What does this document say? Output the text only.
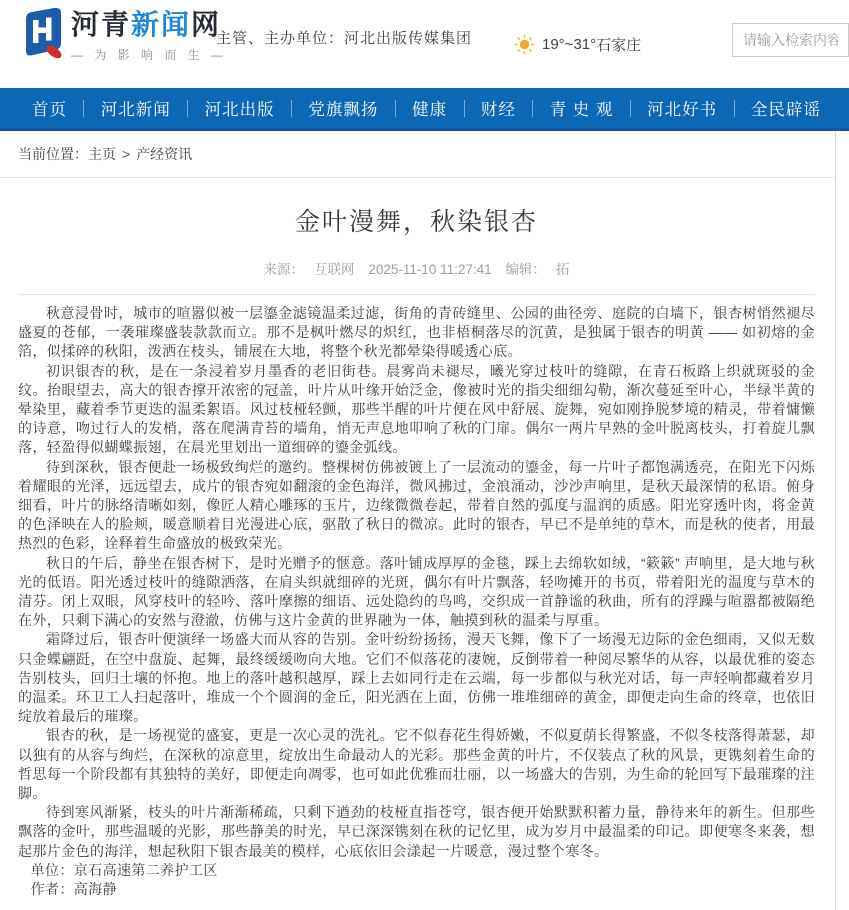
河青新闻网
— 为 影 响 而 生 —
主管、主办单位：河北出版传媒集团	19°~31° 石家庄
请输入检索内容
首页	河北新闻	河北出版	党旗飘扬	健康	财经	青 史 观	河北好书	全民辟谣
当前位置： 主页 > 产经资讯
金叶漫舞，秋染银杏
来源： 互联网 2025-11-10 11:27:41 编辑： 拓

秋意浸骨时，城市的喧嚣似被一层鎏金滤镜温柔过滤，街角的青砖缝里、公园的曲径旁、庭院的白墙下，银杏树悄然褪尽盛夏的苍郁，一袭璀璨盛装款款而立。那不是枫叶燃尽的炽红，也非梧桐落尽的沉黄，是独属于银杏的明黄 —— 如初熔的金箔，似揉碎的秋阳，泼洒在枝头，铺展在大地，将整个秋光都晕染得暖透心底。

初识银杏的秋，是在一条浸着岁月墨香的老旧街巷。晨雾尚未褪尽，曦光穿过枝叶的缝隙，在青石板路上织就斑驳的金纹。抬眼望去，高大的银杏撑开浓密的冠盖，叶片从叶缘开始泛金，像被时光的指尖细细勾勒，渐次蔓延至叶心，半绿半黄的晕染里，藏着季节更迭的温柔絮语。风过枝桠轻颤，那些半醒的叶片便在风中舒展、旋舞，宛如刚挣脱梦境的精灵，带着慵懒的诗意，吻过行人的发梢，落在爬满青苔的墙角，悄无声息地叩响了秋的门扉。偶尔一两片早熟的金叶脱离枝头，打着旋儿飘落，轻盈得似蝴蝶振翅，在晨光里划出一道细碎的鎏金弧线。

待到深秋，银杏便赴一场极致绚烂的邀约。整棵树仿佛被镀上了一层流动的鎏金，每一片叶子都饱满透亮，在阳光下闪烁着耀眼的光泽，远远望去，成片的银杏宛如翻滚的金色海洋，微风拂过，金浪涌动，沙沙声响里，是秋天最深情的私语。俯身细看，叶片的脉络清晰如刻，像匠人精心雕琢的玉片，边缘微微卷起，带着自然的弧度与温润的质感。阳光穿透叶肉，将金黄的色泽映在人的脸颊，暖意顺着目光漫进心底，驱散了秋日的微凉。此时的银杏，早已不是单纯的草木，而是秋的使者，用最热烈的色彩，诠释着生命盛放的极致荣光。

秋日的午后，静坐在银杏树下，是时光赠予的惬意。落叶铺成厚厚的金毯，踩上去绵软如绒，“簌簌” 声响里，是大地与秋光的低语。阳光透过枝叶的缝隙洒落，在肩头织就细碎的光斑，偶尔有叶片飘落，轻吻摊开的书页，带着阳光的温度与草木的清芬。闭上双眼，风穿枝叶的轻吟、落叶摩擦的细语、远处隐约的鸟鸣，交织成一首静谧的秋曲，所有的浮躁与喧嚣都被隔绝在外，只剩下满心的安然与澄澈，仿佛与这片金黄的世界融为一体，触摸到秋的温柔与厚重。

霜降过后，银杏叶便演绎一场盛大而从容的告别。金叶纷纷扬扬，漫天飞舞，像下了一场漫无边际的金色细雨，又似无数只金蝶翩跹，在空中盘旋、起舞，最终缓缓吻向大地。它们不似落花的凄婉，反倒带着一种阅尽繁华的从容，以最优雅的姿态告别枝头，回归土壤的怀抱。地上的落叶越积越厚，踩上去如同行走在云端，每一步都似与秋光对话，每一声轻响都藏着岁月的温柔。环卫工人扫起落叶，堆成一个个圆润的金丘，阳光洒在上面，仿佛一堆堆细碎的黄金，即便走向生命的终章，也依旧绽放着最后的璀璨。

银杏的秋，是一场视觉的盛宴，更是一次心灵的洗礼。它不似春花生得娇嫩，不似夏荫长得繁盛，不似冬枝落得萧瑟，却以独有的从容与绚烂，在深秋的凉意里，绽放出生命最动人的光彩。那些金黄的叶片，不仅装点了秋的风景，更镌刻着生命的哲思每一个阶段都有其独特的美好，即便走向凋零，也可如此优雅而壮丽，以一场盛大的告别，为生命的轮回写下最璀璨的注脚。

待到寒风渐紧，枝头的叶片渐渐稀疏，只剩下遒劲的枝桠直指苍穹，银杏便开始默默积蓄力量，静待来年的新生。但那些飘落的金叶，那些温暖的光影，那些静美的时光，早已深深镌刻在秋的记忆里，成为岁月中最温柔的印记。即便寒冬来袭，想起那片金色的海洋，想起秋阳下银杏最美的模样，心底依旧会漾起一片暖意，漫过整个寒冬。

单位：京石高速第二养护工区

作者：高海静
